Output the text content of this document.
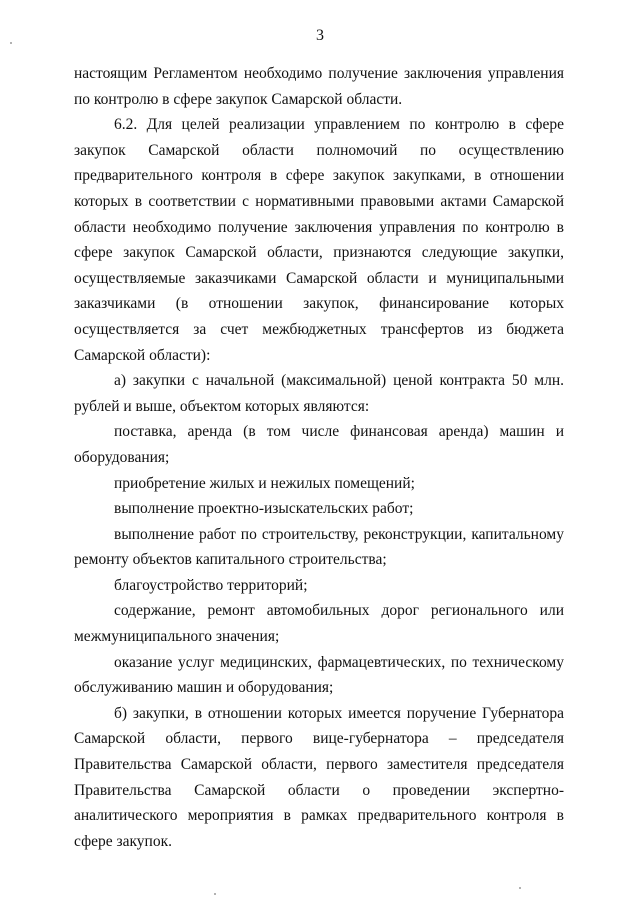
3

настоящим Регламентом необходимо получение заключения управления по контролю в сфере закупок Самарской области.

6.2. Для целей реализации управлением по контролю в сфере закупок Самарской области полномочий по осуществлению предварительного контроля в сфере закупок закупками, в отношении которых в соответствии с нормативными правовыми актами Самарской области необходимо получение заключения управления по контролю в сфере закупок Самарской области, признаются следующие закупки, осуществляемые заказчиками Самарской области и муниципальными заказчиками (в отношении закупок, финансирование которых осуществляется за счет межбюджетных трансфертов из бюджета Самарской области):

а) закупки с начальной (максимальной) ценой контракта 50 млн. рублей и выше, объектом которых являются:

поставка, аренда (в том числе финансовая аренда) машин и оборудования;

приобретение жилых и нежилых помещений;

выполнение проектно-изыскательских работ;

выполнение работ по строительству, реконструкции, капитальному ремонту объектов капитального строительства;

благоустройство территорий;

содержание, ремонт автомобильных дорог регионального или межмуниципального значения;

оказание услуг медицинских, фармацевтических, по техническому обслуживанию машин и оборудования;

б) закупки, в отношении которых имеется поручение Губернатора Самарской области, первого вице-губернатора – председателя Правительства Самарской области, первого заместителя председателя Правительства Самарской области о проведении экспертно-аналитического мероприятия в рамках предварительного контроля в сфере закупок.
